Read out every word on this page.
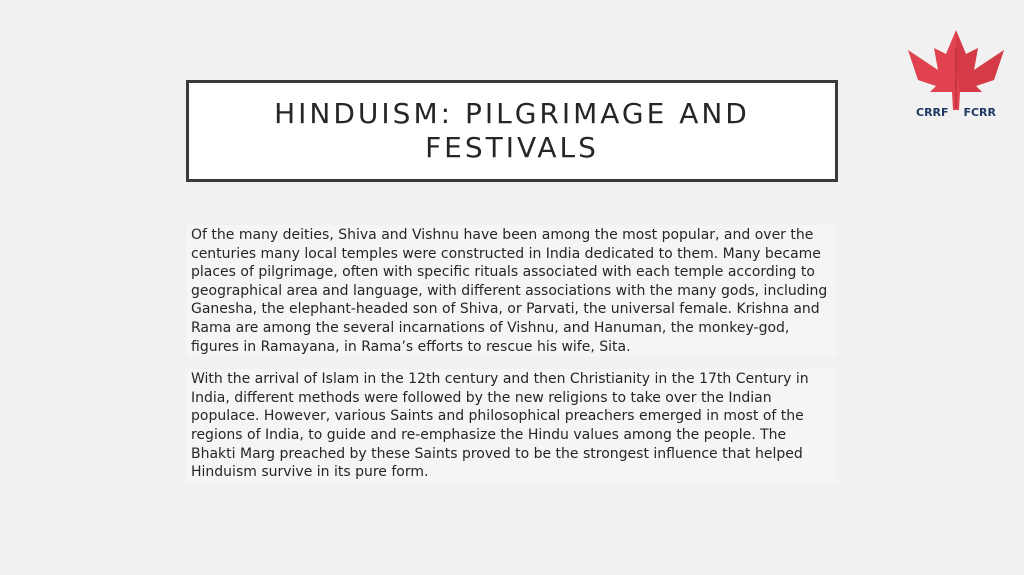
HINDUISM: PILGRIMAGE AND FESTIVALS
CRRF FCRR

Of the many deities, Shiva and Vishnu have been among the most popular, and over the centuries many local temples were constructed in India dedicated to them. Many became places of pilgrimage, often with specific rituals associated with each temple according to geographical area and language, with different associations with the many gods, including Ganesha, the elephant-headed son of Shiva, or Parvati, the universal female. Krishna and Rama are among the several incarnations of Vishnu, and Hanuman, the monkey-god, figures in Ramayana, in Rama’s efforts to rescue his wife, Sita.

With the arrival of Islam in the 12th century and then Christianity in the 17th Century in India, different methods were followed by the new religions to take over the Indian populace. However, various Saints and philosophical preachers emerged in most of the regions of India, to guide and re-emphasize the Hindu values among the people. The Bhakti Marg preached by these Saints proved to be the strongest influence that helped Hinduism survive in its pure form.
